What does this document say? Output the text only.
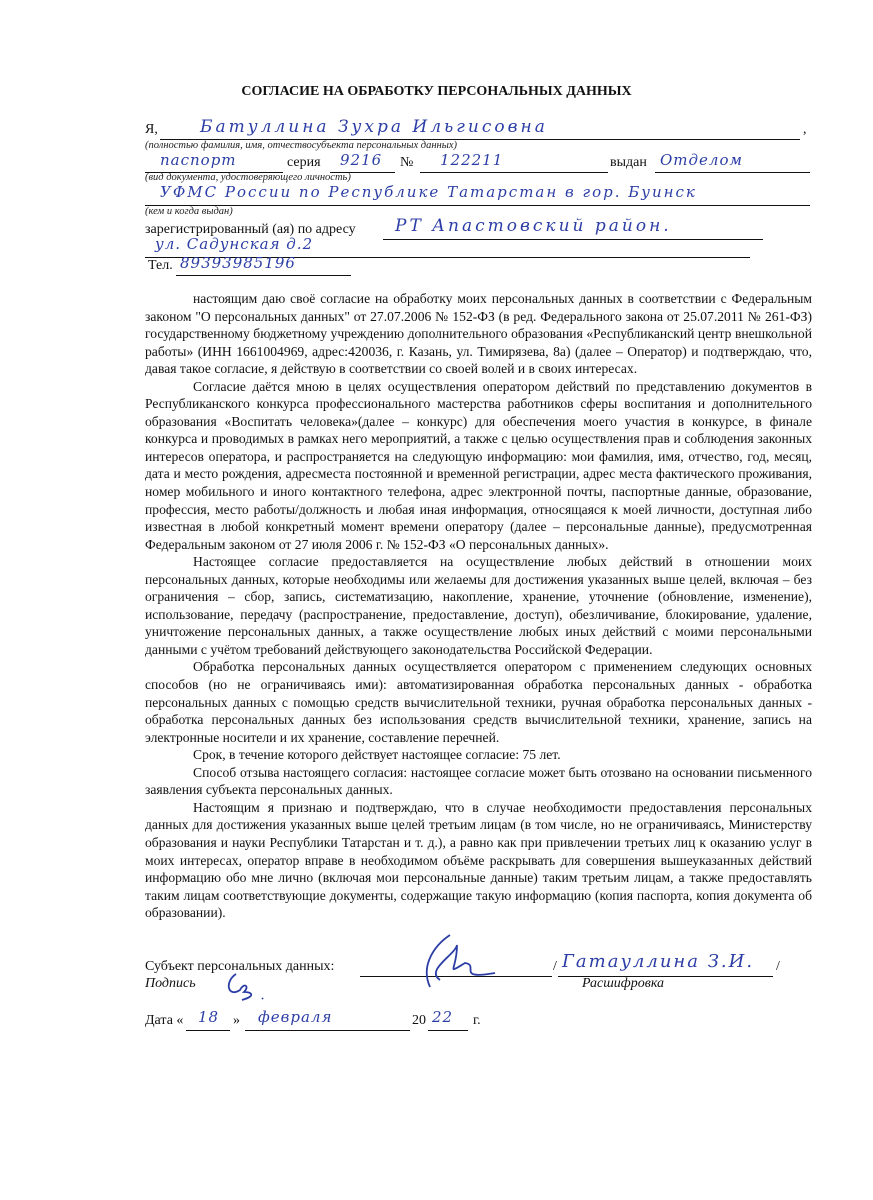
СОГЛАСИЕ НА ОБРАБОТКУ ПЕРСОНАЛЬНЫХ ДАННЫХ
Я, Батуллина Зухра Ильгисовна	,
(полностью фамилия, имя, отчествосубъекта персональных данных)
паспорт	серия 9216 № 122211	выдан Отделом
(вид документа, удостоверяющего личность)
УФМС России по Республике Татарстан в гор. Буинск
(кем и когда выдан)
зарегистрированный (ая) по адресу РТ Апастовский район.
ул. Садунская д.2
Тел. 89393985196

настоящим даю своё согласие на обработку моих персональных данных в соответствии с Федеральным законом "О персональных данных" от 27.07.2006 № 152-ФЗ (в ред. Федерального закона от 25.07.2011 № 261-ФЗ) государственному бюджетному учреждению дополнительного образования «Республиканский центр внешкольной работы» (ИНН 1661004969, адрес:420036, г. Казань, ул. Тимирязева, 8а) (далее – Оператор) и подтверждаю, что, давая такое согласие, я действую в соответствии со своей волей и в своих интересах.

Согласие даётся мною в целях осуществления оператором действий по представлению документов в Республиканского конкурса профессионального мастерства работников сферы воспитания и дополнительного образования «Воспитать человека»(далее – конкурс) для обеспечения моего участия в конкурсе, в финале конкурса и проводимых в рамках него мероприятий, а также с целью осуществления прав и соблюдения законных интересов оператора, и распространяется на следующую информацию: мои фамилия, имя, отчество, год, месяц, дата и место рождения, адресместа постоянной и временной регистрации, адрес места фактического проживания, номер мобильного и иного контактного телефона, адрес электронной почты, паспортные данные, образование, профессия, место работы/должность и любая иная информация, относящаяся к моей личности, доступная либо известная в любой конкретный момент времени оператору (далее – персональные данные), предусмотренная Федеральным законом от 27 июля 2006 г. № 152-ФЗ «О персональных данных».

Настоящее согласие предоставляется на осуществление любых действий в отношении моих персональных данных, которые необходимы или желаемы для достижения указанных выше целей, включая – без ограничения – сбор, запись, систематизацию, накопление, хранение, уточнение (обновление, изменение), использование, передачу (распространение, предоставление, доступ), обезличивание, блокирование, удаление, уничтожение персональных данных, а также осуществление любых иных действий с моими персональными данными с учётом требований действующего законодательства Российской Федерации.

Обработка персональных данных осуществляется оператором с применением следующих основных способов (но не ограничиваясь ими): автоматизированная обработка персональных данных - обработка персональных данных с помощью средств вычислительной техники, ручная обработка персональных данных - обработка персональных данных без использования средств вычислительной техники, хранение, запись на электронные носители и их хранение, составление перечней.

Срок, в течение которого действует настоящее согласие: 75 лет.

Способ отзыва настоящего согласия: настоящее согласие может быть отозвано на основании письменного заявления субъекта персональных данных.

Настоящим я признаю и подтверждаю, что в случае необходимости предоставления персональных данных для достижения указанных выше целей третьим лицам (в том числе, но не ограничиваясь, Министерству образования и науки Республики Татарстан и т. д.), а равно как при привлечении третьих лиц к оказанию услуг в моих интересах, оператор вправе в необходимом объёме раскрывать для совершения вышеуказанных действий информацию обо мне лично (включая мои персональные данные) таким третьим лицам, а также предоставлять таким лицам соответствующие документы, содержащие такую информацию (копия паспорта, копия документа об образовании).

Субъект персональных данных:	/ Гатауллина З.И. /
Подпись	Расшифровка
Дата « 18 » февраля	20 22 г.
